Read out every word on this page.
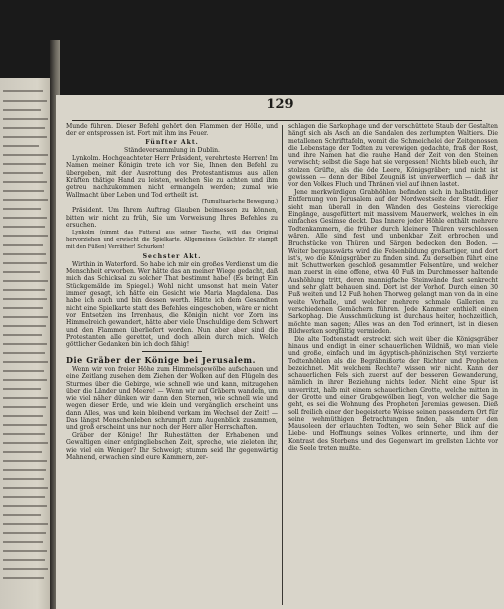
129

Munde führen. Dieser Befehl gehört den Flammen der Hölle, und der er entsprossen ist. Fort mit ihm ins Feuer.

Fünfter Akt.

Ständeversammlung in Dublin.

Lynkolm. Hochgeachteter Herr Präsident, verehrteste Herren! Im Namen meiner Königin trete ich vor Sie, Ihnen den Befehl zu übergeben, mit der Ausrottung des Protestantismus aus allen Kräften thätige Hand zu leisten, welchen Sie zu achten und ihm getreu nachzukommen nicht ermangeln werden; zumal wie Wallmacht über Leben und Tod ertheilt ist.

(Tumultuarische Bewegung.)

Präsident. Um Ihrem Auftrag Glauben beimessen zu können, bitten wir nicht zu früh, Sie um Vorweisung Ihres Befehles zu ersuchen.

Lynkolm (nimmt das Futteral aus seiner Tasche, will das Original hervorziehen und erwischt die Spielkarte. Allgemeines Gelächter. Er stampft mit den Füßen) Verräther! Schurken!

Sechster Akt.

Wirthin in Waterford. So habe ich mir ein großes Verdienst um die Menschheit erworben. Wer hätte das an meiner Wiege gedacht, daß mich das Schicksal zu solcher That bestimmt habe! (Es bringt Ein Stückgemälde im Spiegel.) Wohl nicht umsonst hat mein Vater immer gesagt, ich hätte ein Gesicht wie Maria Magdalena. Das habe ich auch und bin dessen werth. Hätte ich dem Gesandten nicht eine Spielkarte statt des Befehles eingeschoben, wäre er nicht vor Entsetzen ins Irrenhaus, die Königin nicht vor Zorn ins Himmelreich gewandert, hätte aber viele Unschuldige dem Schwert und den Flammen überliefert worden. Nun aber aber sind die Protestanten alle gerettet, und doch allein durch mich. Welch göttlicher Gedanken bin ich doch fähig!

Die Gräber der Könige bei Jerusalem.

Wenn wir von freier Höhe zum Himmelsgewölbe aufschauen und eine Zeitlang zusehen dem Ziehen der Wolken auf den Flügeln des Sturmes über die Gebirge, wie schnell wie und kann, mitzugehen über die Länder und Meere! — Wenn wir auf Gräbern wandeln, um wie viel näher dünken wir dann den Sternen, wie schnell wie und wegen dieser Erde, und wie klein und vergänglich erscheint uns dann Alles, was und kein bleibend verkam im Wechsel der Zeit! — Das längst Menschenleben schrumpft zum Augenblick zusammen, und groß erscheint uns nur noch der Herr aller Herrschaften.

Gräber der Könige! Ihr Ruhestätten der Erhabenen und Gewaltigen einer entgingliebschen Zeit, spreche, wie zieleten ihr, wie viel ein Weniger? Ihr Schweigt; stumm seid Ihr gegenwärtig Mahnend, erwachen sind eure Kammern, zer-

schlagen die Sarkophage und der verschüttete Staub der Gestalten hängt sich als Asch an die Sandalen des zerlumpten Waltiers. Die metallenen Schrifttafeln, womit die Schmeichelei der Zeitgenossen die Lebenstage der Todten zu verewigen gedachte, fraß der Rost, und ihre Namen hat die rauhe Hand der Zeit von den Steinen verwischt; selbst die Sage hat sie vergessen! Nichts blieb euch, ihr stolzen Grüfte, als die öde Leere, Königsgräber; und nicht ist gewissen — denn der Bibel Zeugniß ist unverwerflich — daß ihr vor den Volkes Fluch und Thränen viel auf ihnen lastet.

Jene merkwürdigen Grabhöhlen befinden sich in halbstündiger Entfernung von Jerusalem auf der Nordwestseite der Stadt. Hier sieht man überall in den Wänden des Gesteins viereckige Eingänge, ausgefüttert mit massivem Mauerwerk, welches in ein einfaches Gesimse deckt. Das Innere jeder Höhle enthält mehrere Todtenkammern, die früher durch kleinere Thüren verschlossen wären. Alle sind fest und unbenkbar Zeit erbrochen und Bruchstücke von Thüren und Särgen bedecken den Boden. — Weiter bergauswärts wird die Felsenbildung großartiger, und dort ist's, wo die Königsgräber zu finden sind. Zu derselben führt eine mit Schuttwerken geschloß gesammtler Felsentüre, und welcher man zuerst in eine offene, etwa 40 Fuß im Durchmesser haltende Aushöhlung tritt, deren mannigfache Steinwände fast senkrecht und sehr glatt behauen sind. Dort ist der Vorhof. Durch einen 30 Fuß weiten und 12 Fuß hohen Thorweg gelangt man von da in eine weite Vorhalle, und welcher mehrere schmale Gallerien zu verschiedenen Gemächern führen. Jede Kammer enthielt einen Sarkophag. Die Ausschmückung ist durchaus heiter, hochzeitlich, möchte man sagen; Alles was an den Tod erinnert, ist in diesen Bildwerken sorgfältig vermieden.

Die alte Todtenstadt erstreckt sich weit über die Königsgräber hinaus und endigt in einer schauerlichen Wildniß, wo man viele und große, einfach und im ägyptisch-phönizischen Styl verzierte Todtenhöhlen als die Begräbnißorte der Richter und Propheten bezeichnet. Mit welchem Rechte? wissen wir nicht. Kann der schauerlichen Fels sich zuerst auf der besseren Gewanderung, nämlich in ihrer Beziehung nichts leder. Nicht eine Spur ist unverritzt, halb mit einem schauerlichen Grotte, welche mitten in der Grotte und einer Grabgewölben liegt, von welcher die Sage geht, es sei die Wohnung des Propheten Jeremias gewesen. Dieß soll freilich einer der begeisterte Weisse seinen passendern Ort für seine wehmüthigen Betrachtungen finden, als unter den Mausoleen der erlauchten Todten, wo sein Seher Blick auf die Liebe- und Hoffnungs seines Volkes erinnerte, und ihm der Kontrast des Sterbens und des Gegenwart im grellsten Lichte vor die Seele treten mußte.
